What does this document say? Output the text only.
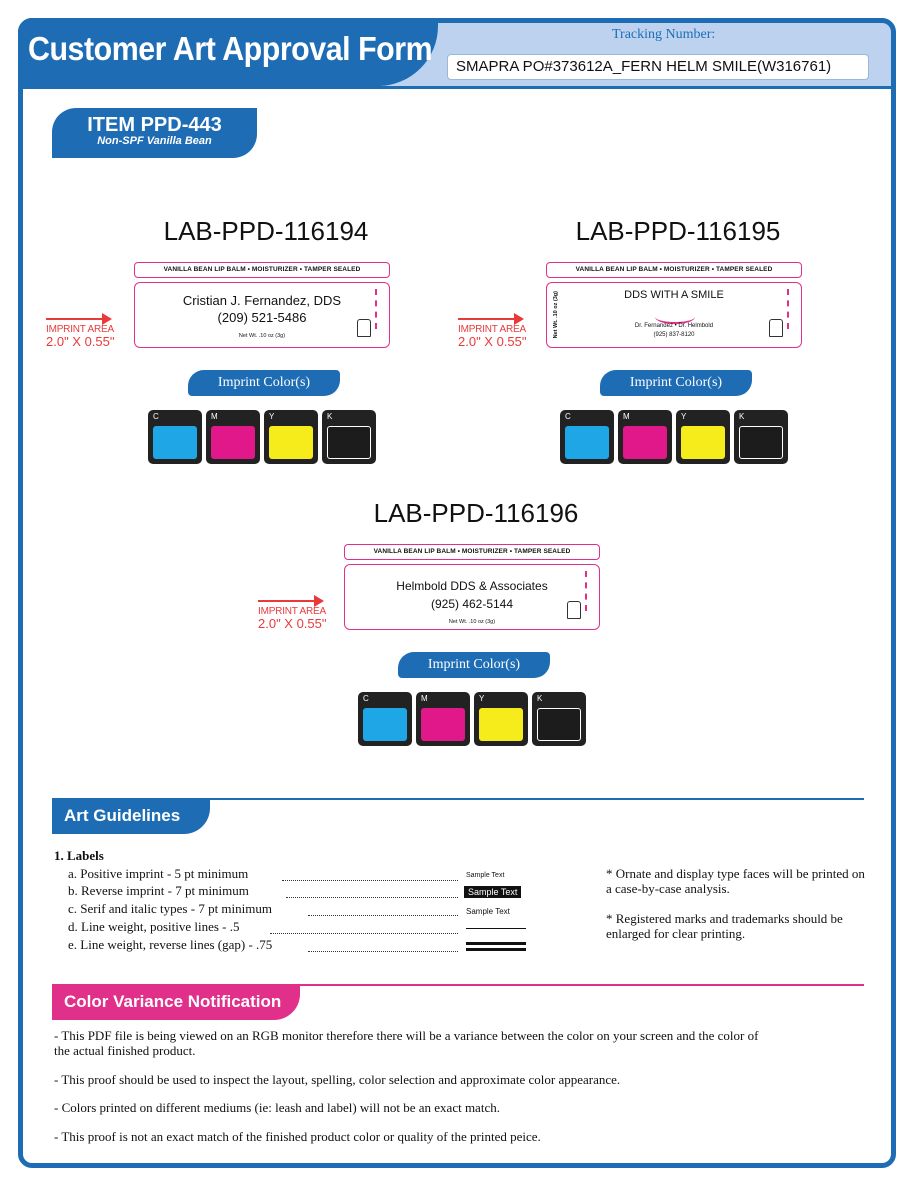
Customer Art Approval Form	Tracking Number:
SMAPRA PO#373612A_FERN HELM SMILE(W316761)
ITEM PPD-443
Non-SPF Vanilla Bean
LAB-PPD-116194
IMPRINT AREA
2.0" X 0.55"
VANILLA BEAN LIP BALM • MOISTURIZER • TAMPER SEALED
Cristian J. Fernandez, DDS
(209) 521-5486
Net Wt. .10 oz (3g)
Imprint Color(s)
C	M	Y	K
LAB-PPD-116195
IMPRINT AREA
2.0" X 0.55"
VANILLA BEAN LIP BALM • MOISTURIZER • TAMPER SEALED
Net Wt. .10 oz (3g)	DDS WITH A SMILE
Dr. Fernandez • Dr. Helmbold
(925) 837-8120
Imprint Color(s)
C	M	Y	K
LAB-PPD-116196
IMPRINT AREA
2.0" X 0.55"
VANILLA BEAN LIP BALM • MOISTURIZER • TAMPER SEALED
Helmbold DDS & Associates
(925) 462-5144
Net Wt. .10 oz (3g)
Imprint Color(s)
C	M	Y	K
Art Guidelines
1. Labels
a. Positive imprint - 5 pt minimum	Sample Text
b. Reverse imprint - 7 pt minimum	Sample Text
c. Serif and italic types - 7 pt minimum	Sample Text
d. Line weight, positive lines - .5
e. Line weight, reverse lines (gap) - .75
* Ornate and display type faces will be printed on a case-by-case analysis.
* Registered marks and trademarks should be enlarged for clear printing.
Color Variance Notification
- This PDF file is being viewed on an RGB monitor therefore there will be a variance between the color on your screen and the color of the actual finished product.
- This proof should be used to inspect the layout, spelling, color selection and approximate color appearance.
- Colors printed on different mediums (ie: leash and label) will not be an exact match.
- This proof is not an exact match of the finished product color or quality of the printed peice.
